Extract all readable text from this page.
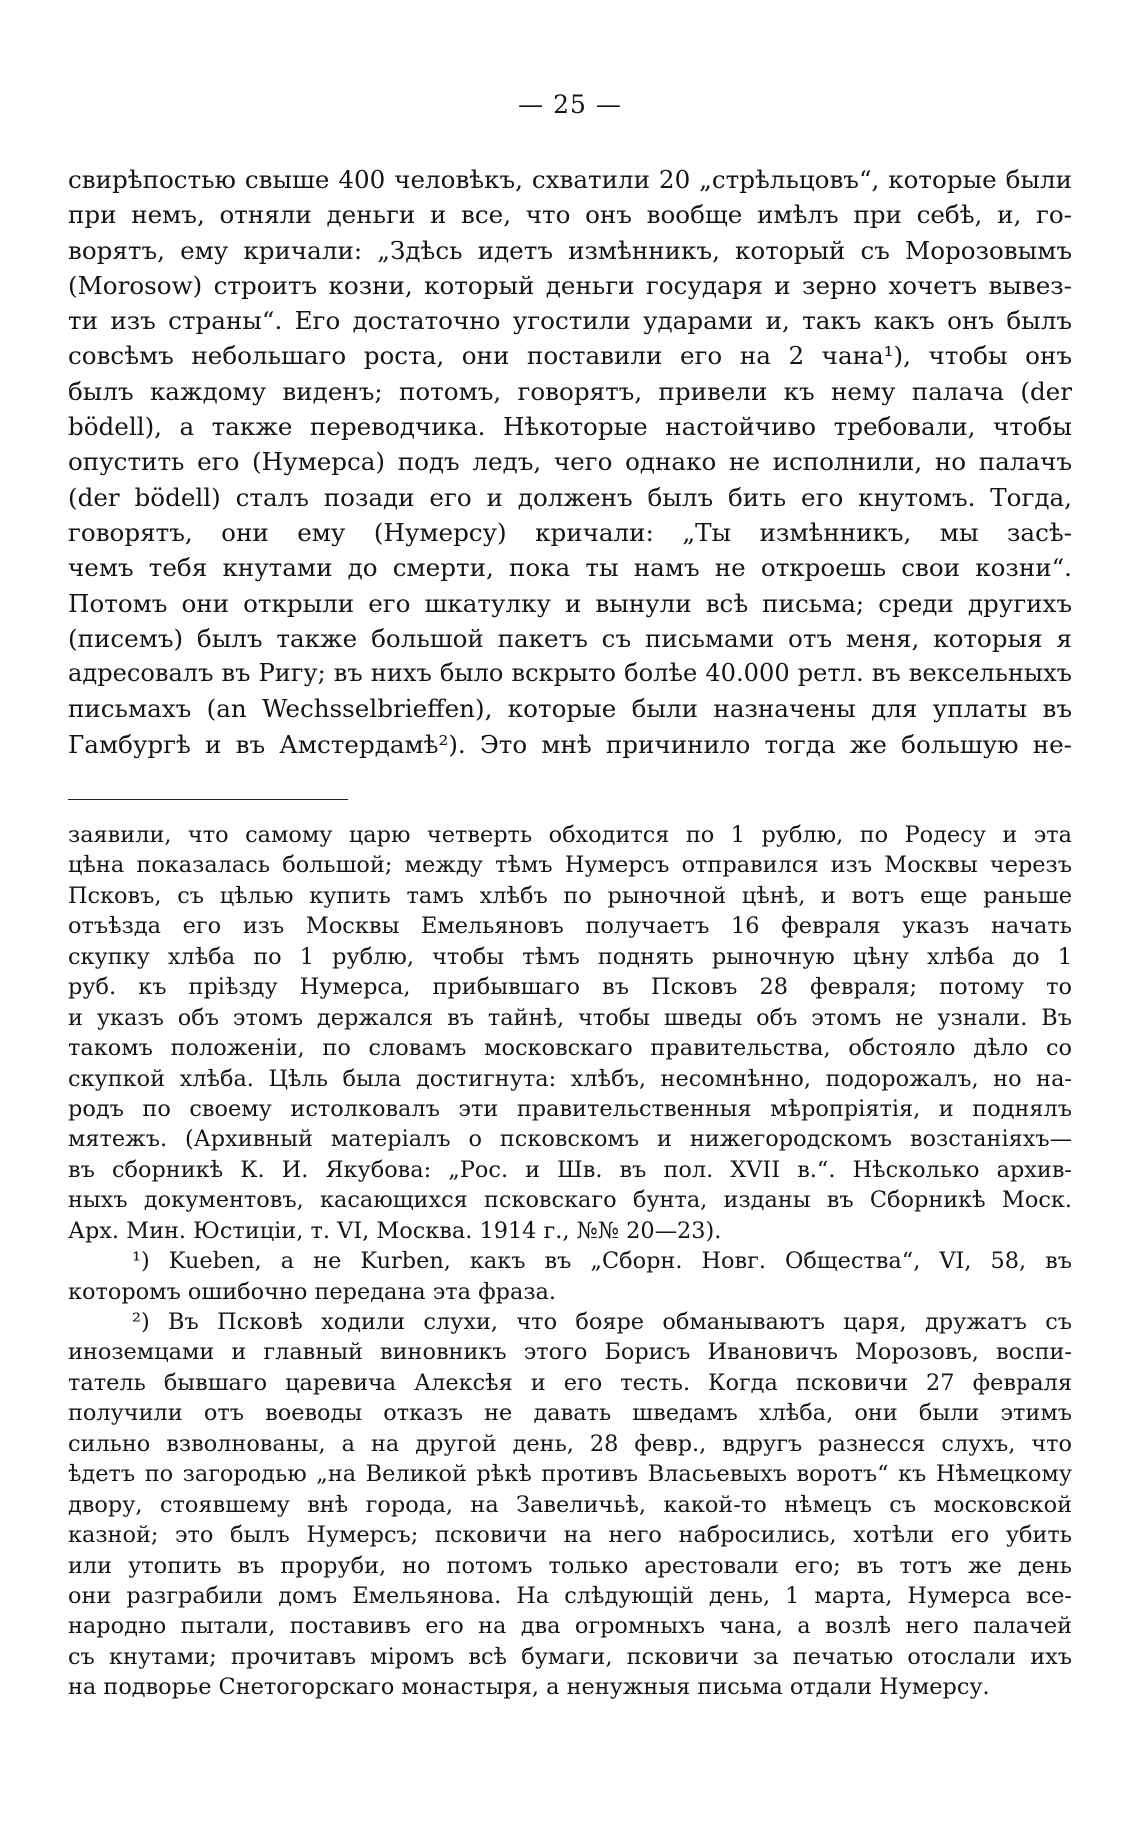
— 25 —
свирѣпостью свыше 400 человѣкъ, схватили 20 „стрѣльцовъ“, которые были
при немъ, отняли деньги и все, что онъ вообще имѣлъ при себѣ, и, го-
ворятъ, ему кричали: „Здѣсь идетъ измѣнникъ, который съ Морозовымъ
(Morosow) строитъ козни, который деньги государя и зерно хочетъ вывез-
ти изъ страны“. Его достаточно угостили ударами и, такъ какъ онъ былъ
совсѣмъ небольшаго роста, они поставили его на 2 чана¹), чтобы онъ
былъ каждому виденъ; потомъ, говорятъ, привели къ нему палача (der
bödell), а также переводчика. Нѣкоторые настойчиво требовали, чтобы
опустить его (Нумерса) подъ ледъ, чего однако не исполнили, но палачъ
(der bödell) сталъ позади его и долженъ былъ бить его кнутомъ. Тогда,
говорятъ, они ему (Нумерсу) кричали: „Ты измѣнникъ, мы засѣ-
чемъ тебя кнутами до смерти, пока ты намъ не откроешь свои козни“.
Потомъ они открыли его шкатулку и вынули всѣ письма; среди другихъ
(писемъ) былъ также большой пакетъ съ письмами отъ меня, которыя я
адресовалъ въ Ригу; въ нихъ было вскрыто болѣе 40.000 ретл. въ вексельныхъ
письмахъ (an Wechsselbrieffen), которые были назначены для уплаты въ
Гамбургѣ и въ Амстердамѣ²). Это мнѣ причинило тогда же большую не-
заявили, что самому царю четверть обходится по 1 рублю, по Родесу и эта
цѣна показалась большой; между тѣмъ Нумерсъ отправился изъ Москвы черезъ
Псковъ, съ цѣлью купить тамъ хлѣбъ по рыночной цѣнѣ, и вотъ еще раньше
отъѣзда его изъ Москвы Емельяновъ получаетъ 16 февраля указъ начать
скупку хлѣба по 1 рублю, чтобы тѣмъ поднять рыночную цѣну хлѣба до 1
руб. къ пріѣзду Нумерса, прибывшаго въ Псковъ 28 февраля; потому то
и указъ объ этомъ держался въ тайнѣ, чтобы шведы объ этомъ не узнали. Въ
такомъ положеніи, по словамъ московскаго правительства, обстояло дѣло со
скупкой хлѣба. Цѣль была достигнута: хлѣбъ, несомнѣнно, подорожалъ, но на-
родъ по своему истолковалъ эти правительственныя мѣропріятія, и поднялъ
мятежъ. (Архивный матеріалъ о псковскомъ и нижегородскомъ возстаніяхъ—
въ сборникѣ К. И. Якубова: „Рос. и Шв. въ пол. XVII в.“. Нѣсколько архив-
ныхъ документовъ, касающихся псковскаго бунта, изданы въ Сборникѣ Моск.
Арх. Мин. Юстиціи, т. VI, Москва. 1914 г., №№ 20—23).
¹) Kueben, а не Kurben, какъ въ „Сборн. Новг. Общества“, VI, 58, въ
которомъ ошибочно передана эта фраза.
²) Въ Псковѣ ходили слухи, что бояре обманываютъ царя, дружатъ съ
иноземцами и главный виновникъ этого Борисъ Ивановичъ Морозовъ, воспи-
татель бывшаго царевича Алексѣя и его тесть. Когда псковичи 27 февраля
получили отъ воеводы отказъ не давать шведамъ хлѣба, они были этимъ
сильно взволнованы, а на другой день, 28 февр., вдругъ разнесся слухъ, что
ѣдетъ по загородью „на Великой рѣкѣ противъ Власьевыхъ воротъ“ къ Нѣмецкому
двору, стоявшему внѣ города, на Завеличьѣ, какой-то нѣмецъ съ московской
казной; это былъ Нумерсъ; псковичи на него набросились, хотѣли его убить
или утопить въ проруби, но потомъ только арестовали его; въ тотъ же день
они разграбили домъ Емельянова. На слѣдующій день, 1 марта, Нумерса все-
народно пытали, поставивъ его на два огромныхъ чана, а возлѣ него палачей
съ кнутами; прочитавъ міромъ всѣ бумаги, псковичи за печатью отослали ихъ
на подворье Снетогорскаго монастыря, а ненужныя письма отдали Нумерсу.
